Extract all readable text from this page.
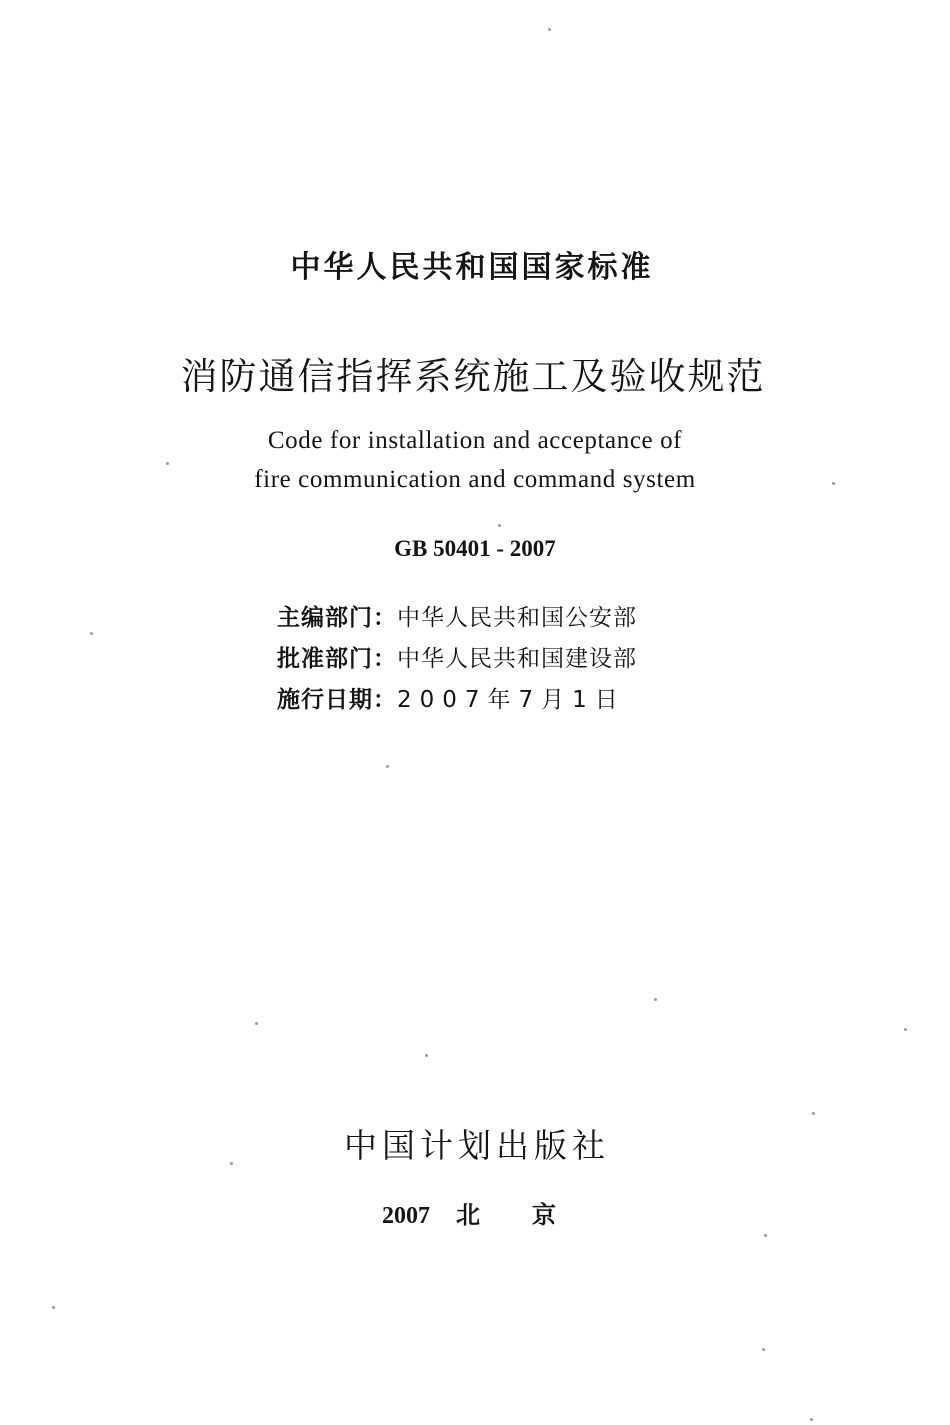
中华人民共和国国家标准
消防通信指挥系统施工及验收规范
Code for installation and acceptance of
fire communication and command system
GB 50401 - 2007
主编部门：中华人民共和国公安部
批准部门：中华人民共和国建设部
施行日期：2007年7月1日
中国计划出版社
2007 北京
